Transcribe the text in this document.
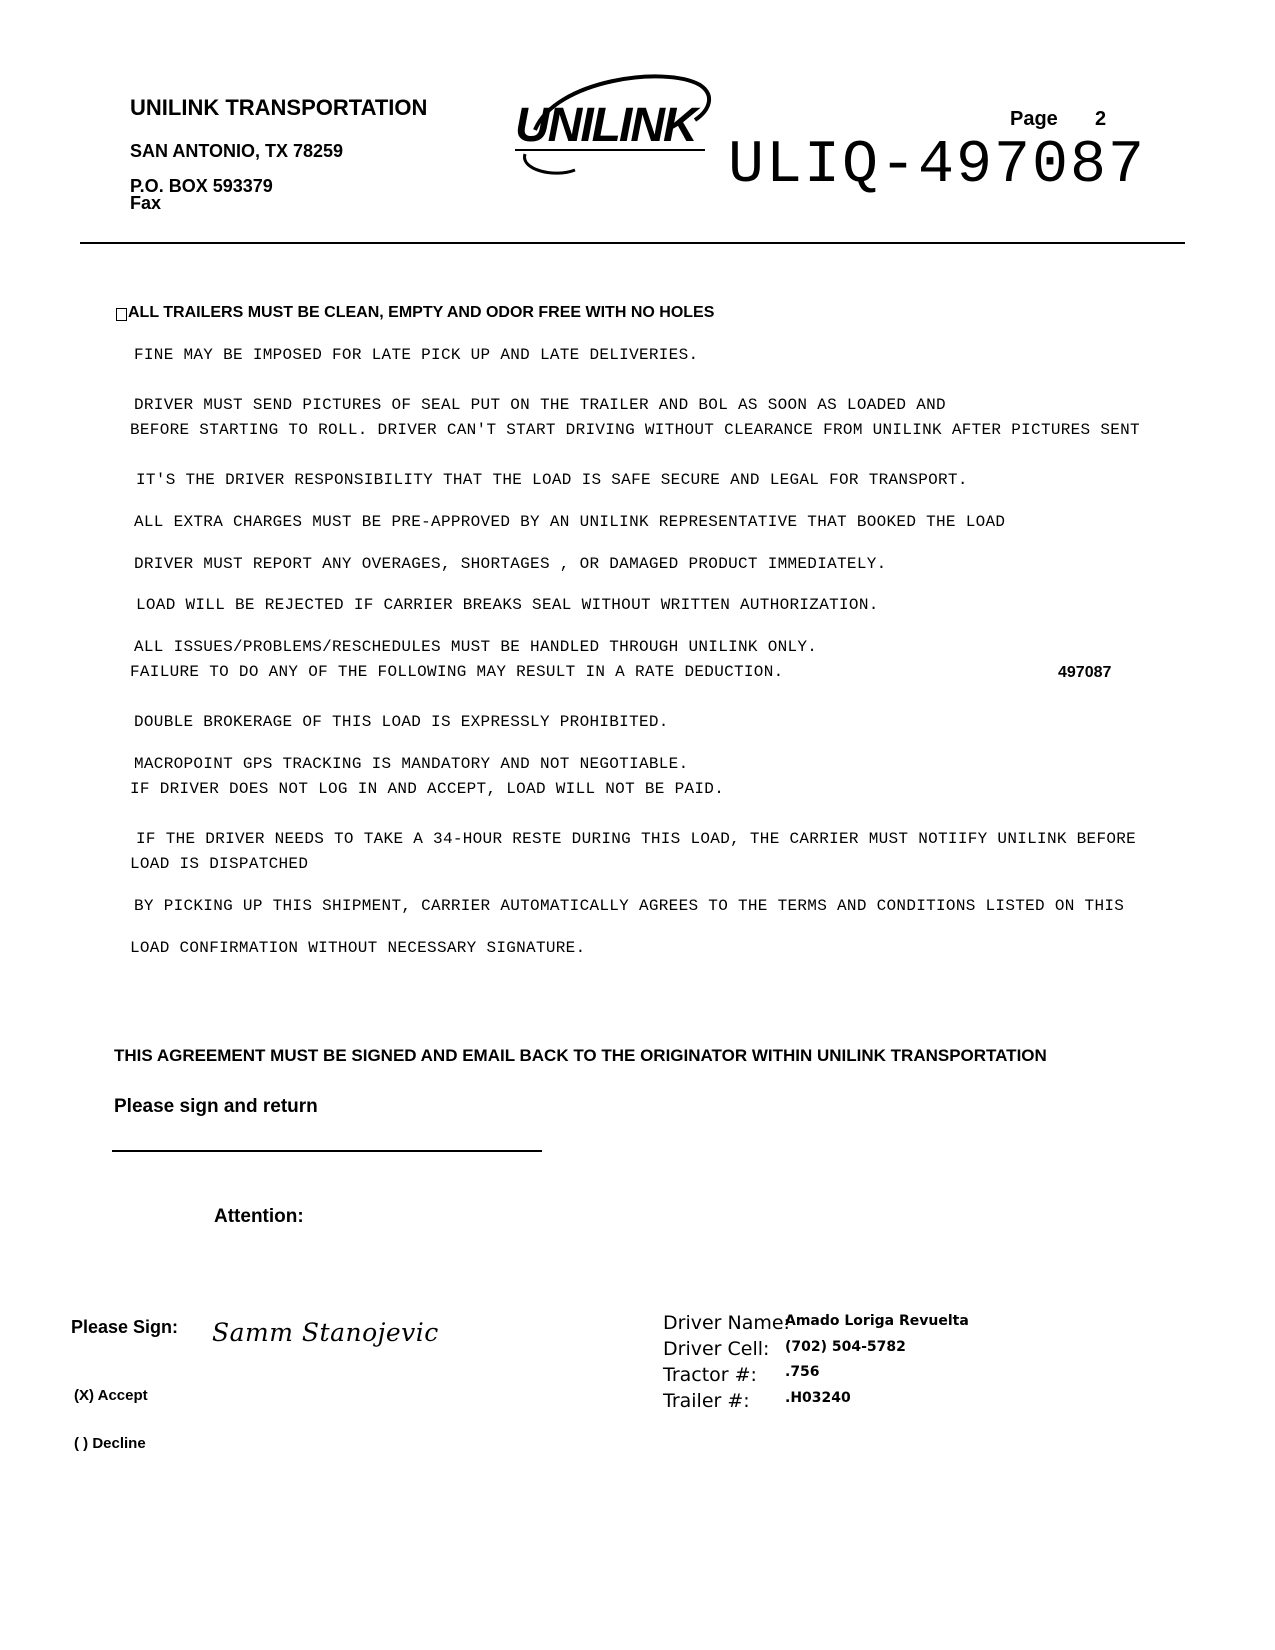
UNILINK TRANSPORTATION
SAN ANTONIO, TX 78259
P.O. BOX 593379
Fax
UNILINK	Page 2
ULIQ-497087
ALL TRAILERS MUST BE CLEAN, EMPTY AND ODOR FREE WITH NO HOLES
FINE MAY BE IMPOSED FOR LATE PICK UP AND LATE DELIVERIES.
DRIVER MUST SEND PICTURES OF SEAL PUT ON THE TRAILER AND BOL AS SOON AS LOADED AND
BEFORE STARTING TO ROLL. DRIVER CAN'T START DRIVING WITHOUT CLEARANCE FROM UNILINK AFTER PICTURES SENT
IT'S THE DRIVER RESPONSIBILITY THAT THE LOAD IS SAFE SECURE AND LEGAL FOR TRANSPORT.
ALL EXTRA CHARGES MUST BE PRE-APPROVED BY AN UNILINK REPRESENTATIVE THAT BOOKED THE LOAD
DRIVER MUST REPORT ANY OVERAGES, SHORTAGES , OR DAMAGED PRODUCT IMMEDIATELY.
LOAD WILL BE REJECTED IF CARRIER BREAKS SEAL WITHOUT WRITTEN AUTHORIZATION.
ALL ISSUES/PROBLEMS/RESCHEDULES MUST BE HANDLED THROUGH UNILINK ONLY.
FAILURE TO DO ANY OF THE FOLLOWING MAY RESULT IN A RATE DEDUCTION.	497087
DOUBLE BROKERAGE OF THIS LOAD IS EXPRESSLY PROHIBITED.
MACROPOINT GPS TRACKING IS MANDATORY AND NOT NEGOTIABLE.
IF DRIVER DOES NOT LOG IN AND ACCEPT, LOAD WILL NOT BE PAID.
IF THE DRIVER NEEDS TO TAKE A 34-HOUR RESTE DURING THIS LOAD, THE CARRIER MUST NOTIIFY UNILINK BEFORE
LOAD IS DISPATCHED
BY PICKING UP THIS SHIPMENT, CARRIER AUTOMATICALLY AGREES TO THE TERMS AND CONDITIONS LISTED ON THIS
LOAD CONFIRMATION WITHOUT NECESSARY SIGNATURE.
THIS AGREEMENT MUST BE SIGNED AND EMAIL BACK TO THE ORIGINATOR WITHIN UNILINK TRANSPORTATION
Please sign and return
Attention:
Please Sign: Samm Stanojevic
(X) Accept
( ) Decline
Driver Name:
Amado Loriga Revuelta
Driver Cell: (702) 504-5782
Tractor #: .756
Trailer #:	.H03240
